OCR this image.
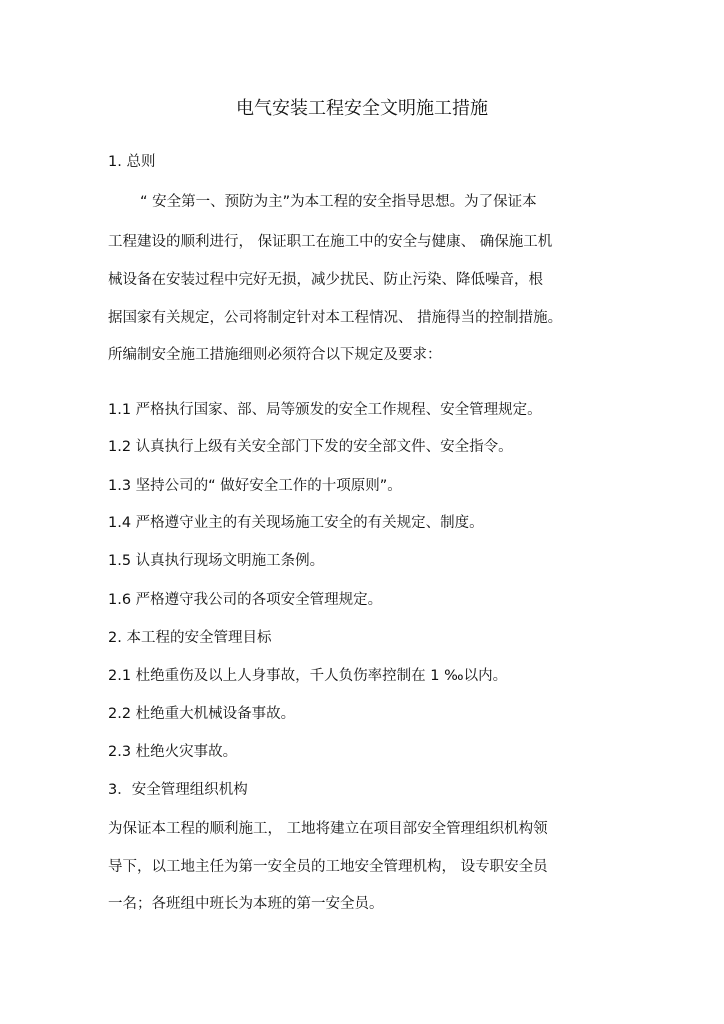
电气安装工程安全文明施工措施
1. 总则
“ 安全第一、预防为主”为本工程的安全指导思想。为了保证本
工程建设的顺利进行， 保证职工在施工中的安全与健康、 确保施工机
械设备在安装过程中完好无损，减少扰民、防止污染、降低噪音，根
据国家有关规定，公司将制定针对本工程情况、 措施得当的控制措施。
所编制安全施工措施细则必须符合以下规定及要求：
1.1 严格执行国家、部、局等颁发的安全工作规程、安全管理规定。
1.2 认真执行上级有关安全部门下发的安全部文件、安全指令。
1.3 坚持公司的“ 做好安全工作的十项原则”。
1.4 严格遵守业主的有关现场施工安全的有关规定、制度。
1.5 认真执行现场文明施工条例。
1.6 严格遵守我公司的各项安全管理规定。
2. 本工程的安全管理目标
2.1 杜绝重伤及以上人身事故，千人负伤率控制在 1 ‰以内。
2.2 杜绝重大机械设备事故。
2.3 杜绝火灾事故。
3．安全管理组织机构
为保证本工程的顺利施工， 工地将建立在项目部安全管理组织机构领
导下，以工地主任为第一安全员的工地安全管理机构， 设专职安全员
一名；各班组中班长为本班的第一安全员。
